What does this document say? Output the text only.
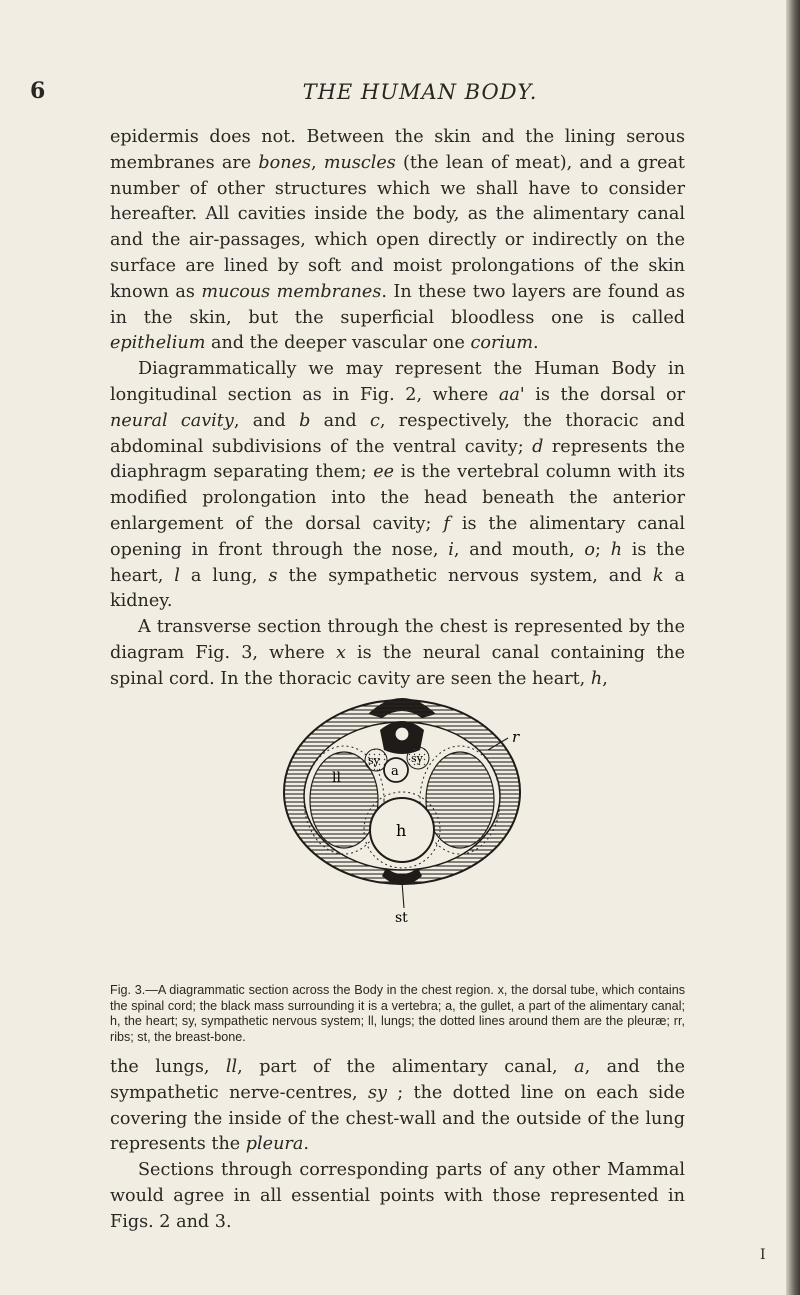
6	THE HUMAN BODY.

epidermis does not. Between the skin and the lining serous membranes are bones, muscles (the lean of meat), and a great number of other structures which we shall have to consider hereafter. All cavities inside the body, as the alimentary canal and the air-passages, which open directly or indirectly on the surface are lined by soft and moist prolongations of the skin known as mucous membranes. In these two layers are found as in the skin, but the superficial bloodless one is called epithelium and the deeper vascular one corium.

Diagrammatically we may represent the Human Body in longitudinal section as in Fig. 2, where aa' is the dorsal or neural cavity, and b and c, respectively, the thoracic and abdominal subdivisions of the ventral cavity; d represents the diaphragm separating them; ee is the vertebral column with its modified prolongation into the head beneath the anterior enlargement of the dorsal cavity; f is the alimentary canal opening in front through the nose, i, and mouth, o; h is the heart, l a lung, s the sympathetic nervous system, and k a kidney.

A transverse section through the chest is represented by the diagram Fig. 3, where x is the neural canal containing the spinal cord. In the thoracic cavity are seen the heart, h,

r
sy
sy
a
ll
h
st

Fig. 3.—A diagrammatic section across the Body in the chest region. x, the dorsal tube, which contains the spinal cord; the black mass surrounding it is a vertebra; a, the gullet, a part of the alimentary canal; h, the heart; sy, sympathetic nervous system; ll, lungs; the dotted lines around them are the pleuræ; rr, ribs; st, the breast-bone.

the lungs, ll, part of the alimentary canal, a, and the sympathetic nerve-centres, sy ; the dotted line on each side covering the inside of the chest-wall and the outside of the lung represents the pleura.

Sections through corresponding parts of any other Mammal would agree in all essential points with those represented in Figs. 2 and 3.

I
